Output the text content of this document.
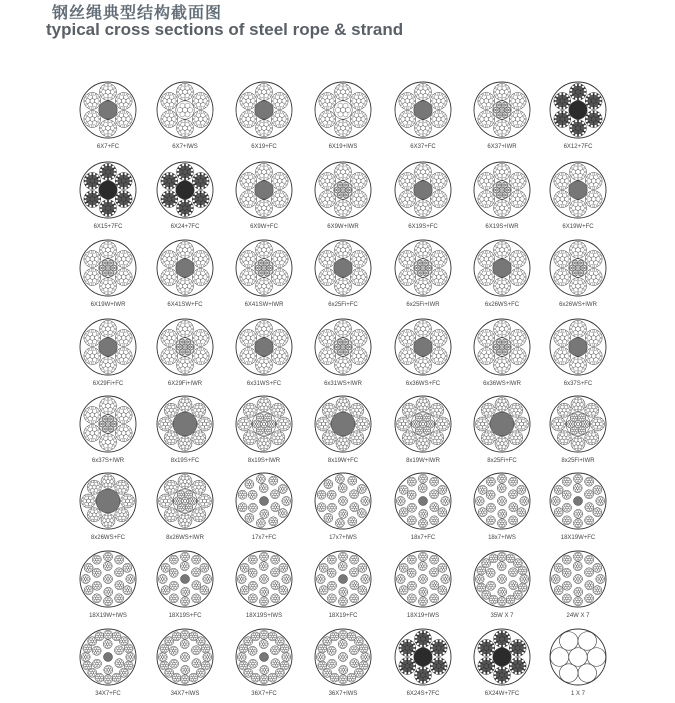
钢丝绳典型结构截面图
typical cross sections of steel rope & strand
6X7+FC	6X7+IWS	6X19+FC	6X19+IWS	6X37+FC	6X37+IWR	6X12+7FC
6X15+7FC	6X24+7FC	6X9W+FC	6X9W+IWR	6X19S+FC	6X19S+IWR	6X19W+FC
6X19W+IWR	6X41SW+FC	6X41SW+IWR	6x25Fi+FC	6x25Fi+IWR	6x26WS+FC	6x26WS+IWR
6X29Fi+FC	6X29Fi+IWR	6x31WS+FC	6x31WS+IWR	6x36WS+FC	6x36WS+IWR	6x37S+FC
6x37S+IWR	8x19S+FC	8x19S+IWR	8x19W+FC	8x19W+IWR	8x25Fi+FC	8x25Fi+IWR
8x26WS+FC	8x26WS+IWR	17x7+FC	17x7+IWS	18x7+FC	18x7+IWS	18X19W+FC
18X19W+IWS	18X19S+FC	18X19S+IWS	18X19+FC	18X19+IWS	35W X 7	24W X 7
34X7+FC	34X7+IWS	36X7+FC	36X7+IWS	6X24S+7FC	6X24W+7FC	1 X 7
